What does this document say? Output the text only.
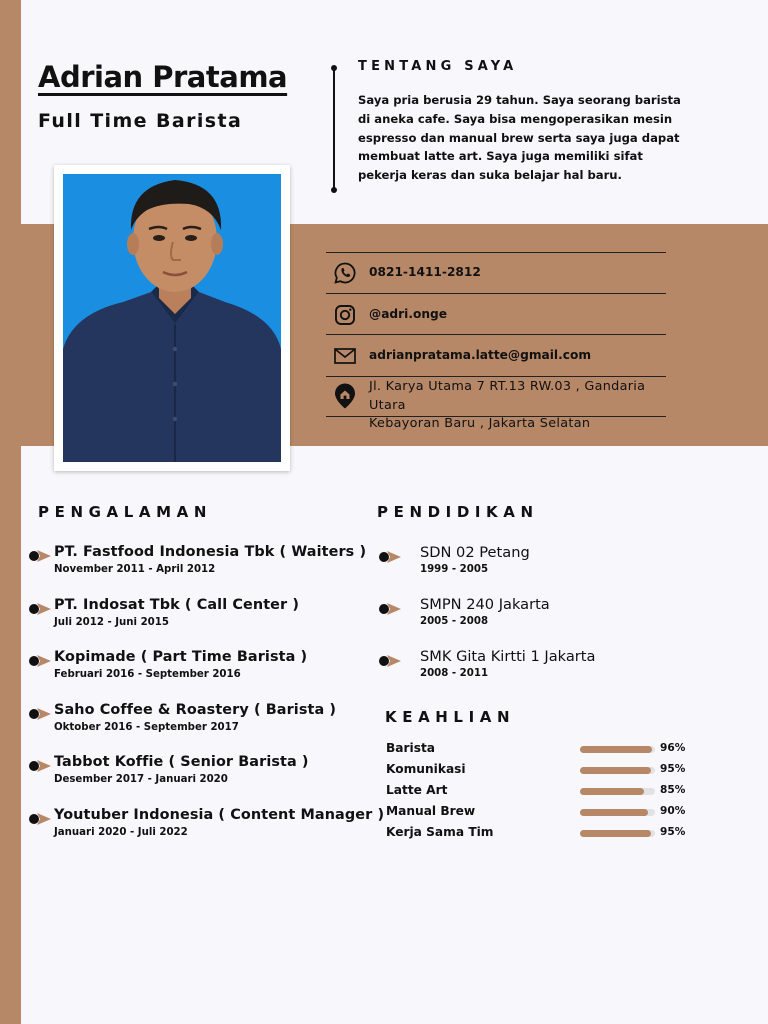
Adrian Pratama
Full Time Barista
TENTANG SAYA
Saya pria berusia 29 tahun. Saya seorang barista di aneka cafe. Saya bisa mengoperasikan mesin espresso dan manual brew serta saya juga dapat membuat latte art. Saya juga memiliki sifat pekerja keras dan suka belajar hal baru.
0821-1411-2812
@adri.onge
adrianpratama.latte@gmail.com
Jl. Karya Utama 7 RT.13 RW.03 , Gandaria Utara
Kebayoran Baru , Jakarta Selatan
PENGALAMAN
PT. Fastfood Indonesia Tbk ( Waiters )
November 2011 - April 2012
PT. Indosat Tbk ( Call Center )
Juli 2012 - Juni 2015
Kopimade ( Part Time Barista )
Februari 2016 - September 2016
Saho Coffee & Roastery ( Barista )
Oktober 2016 - September 2017
Tabbot Koffie ( Senior Barista )
Desember 2017 - Januari 2020
Youtuber Indonesia ( Content Manager )
Januari 2020 - Juli 2022
PENDIDIKAN
SDN 02 Petang
1999 - 2005
SMPN 240 Jakarta
2005 - 2008
SMK Gita Kirtti 1 Jakarta
2008 - 2011
KEAHLIAN
Barista	96%
Komunikasi	95%
Latte Art	85%
Manual Brew	90%
Kerja Sama Tim	95%
